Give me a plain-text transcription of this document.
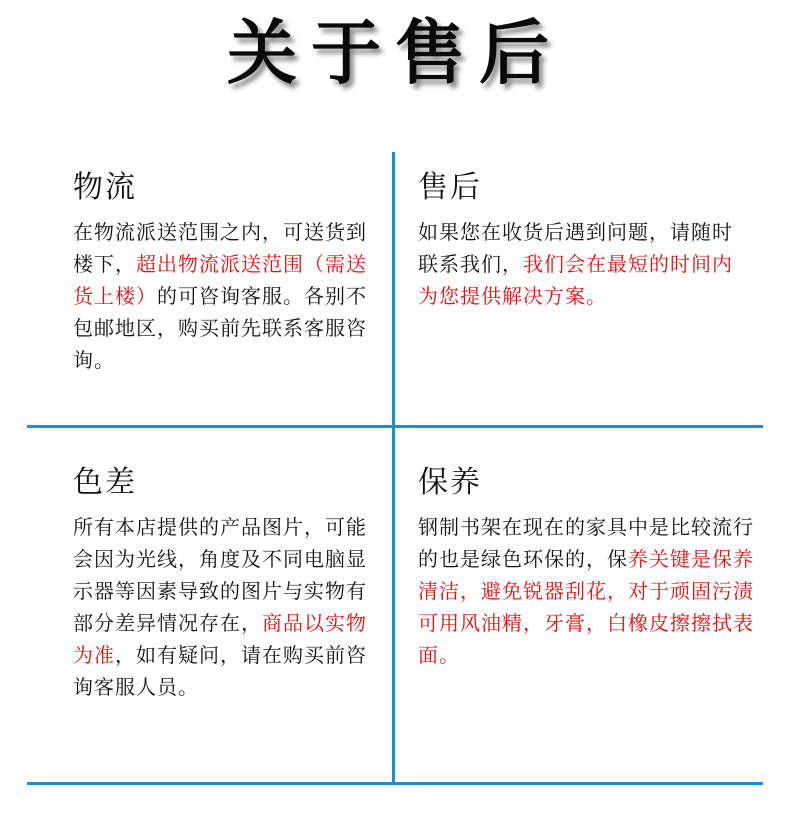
关于售后
物流

在物流派送范围之内，可送货到楼下，超出物流派送范围（需送货上楼）的可咨询客服。各别不包邮地区，购买前先联系客服咨询。

售后

如果您在收货后遇到问题，请随时联系我们，我们会在最短的时间内为您提供解决方案。

色差

所有本店提供的产品图片，可能会因为光线，角度及不同电脑显示器等因素导致的图片与实物有部分差异情况存在，商品以实物为准，如有疑问，请在购买前咨询客服人员。

保养

钢制书架在现在的家具中是比较流行的也是绿色环保的，保养关键是保养清洁，避免锐器刮花，对于顽固污渍可用风油精，牙膏，白橡皮擦擦拭表面。
